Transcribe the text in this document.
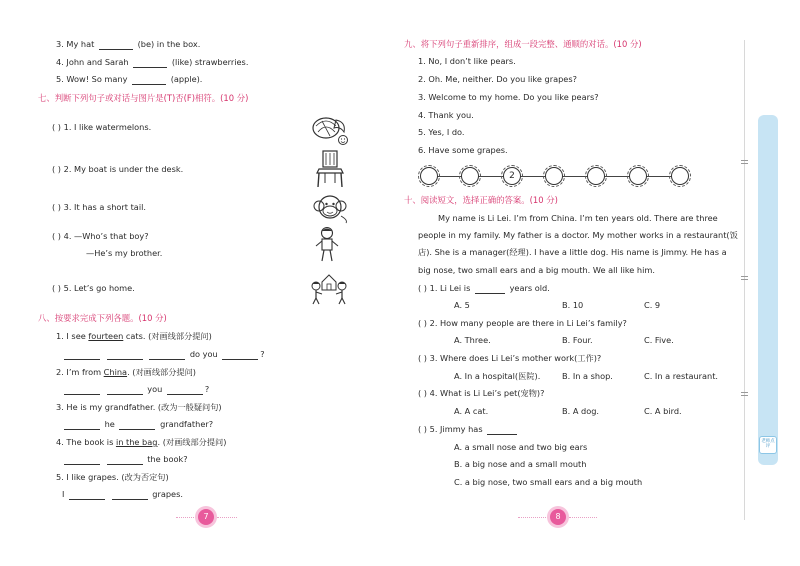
3. My hat	(be) in the box.
4. John and Sarah	(like) strawberries.
5. Wow! So many	(apple).
七、判断下列句子或对话与图片是(T)否(F)相符。(10 分)
( ) 1. I like watermelons.
( ) 2. My boat is under the desk.
( ) 3. It has a short tail.
( ) 4. —Who’s that boy?
—He’s my brother.
( ) 5. Let’s go home.
八、按要求完成下列各题。(10 分)
1. I see fourteen cats. (对画线部分提问)
do you	?
2. I’m from China. (对画线部分提问)
you	?
3. He is my grandfather. (改为一般疑问句)
he	grandfather?
4. The book is in the bag. (对画线部分提问)
the book?
5. I like grapes. (改为否定句)
I	grapes.
7
九、将下列句子重新排序，组成一段完整、通顺的对话。(10 分)
1. No, I don’t like pears.
2. Oh. Me, neither. Do you like grapes?
3. Welcome to my home. Do you like pears?
4. Thank you.
5. Yes, I do.
6. Have some grapes.
2
十、阅读短文，选择正确的答案。(10 分)
My name is Li Lei. I’m from China. I’m ten years old. There are three
people in my family. My father is a doctor. My mother works in a restaurant(饭
店). She is a manager(经理). I have a little dog. His name is Jimmy. He has a
big nose, two small ears and a big mouth. We all like him.
( ) 1. Li Lei is	years old.
A. 5	B. 10	C. 9
( ) 2. How many people are there in Li Lei’s family?
A. Three.	B. Four.	C. Five.
( ) 3. Where does Li Lei’s mother work(工作)?
A. In a hospital(医院).	B. In a shop.	C. In a restaurant.
( ) 4. What is Li Lei’s pet(宠物)?
A. A cat.	B. A dog.	C. A bird.
( ) 5. Jimmy has
A. a small nose and two big ears
B. a big nose and a small mouth
C. a big nose, two small ears and a big mouth
8
老师点评
